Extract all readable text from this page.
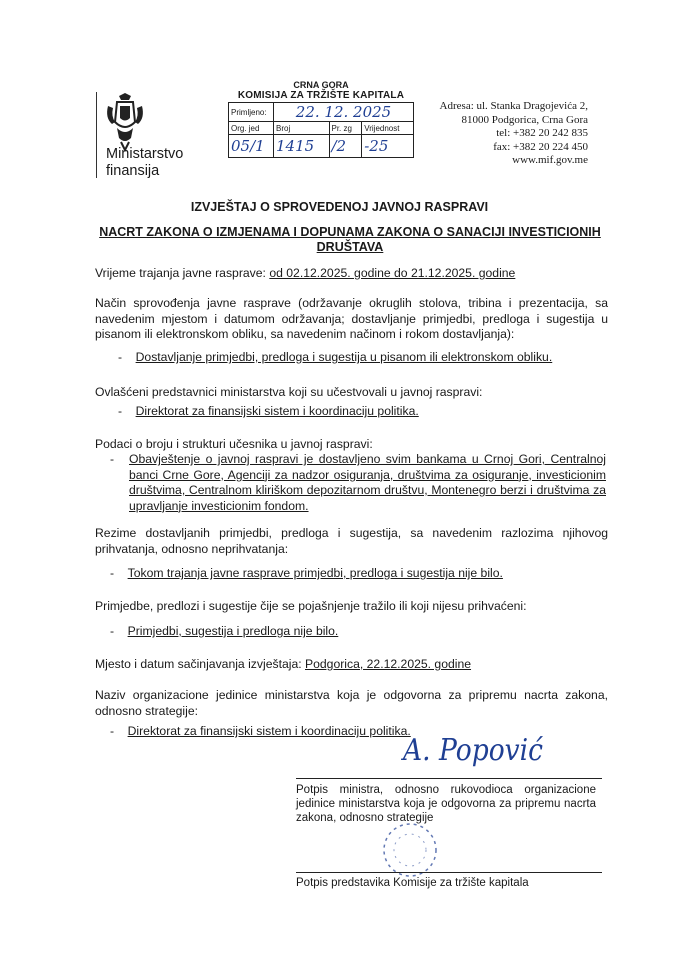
Ministarstvo
finansija
CRNA GORA
KOMISIJA ZA TRŽIŠTE KAPITALA
Primljeno:	22. 12. 2025		
Org. jed	Broj	Pr. zg	Vrijednost
05/1	1415	/2	-25
Adresa: ul. Stanka Dragojevića 2,
81000 Podgorica, Crna Gora
tel: +382 20 242 835
fax: +382 20 224 450
www.mif.gov.me
IZVJEŠTAJ O SPROVEDENOJ JAVNOJ RASPRAVI
NACRT ZAKONA O IZMJENAMA I DOPUNAMA ZAKONA O SANACIJI INVESTICIONIH DRUŠTAVA
Vrijeme trajanja javne rasprave: od 02.12.2025. godine do 21.12.2025. godine
Način sprovođenja javne rasprave (održavanje okruglih stolova, tribina i prezentacija, sa navedenim mjestom i datumom održavanja; dostavljanje primjedbi, predloga i sugestija u pisanom ili elektronskom obliku, sa navedenim načinom i rokom dostavljanja):
-    Dostavljanje primjedbi, predloga i sugestija u pisanom ili elektronskom obliku.
Ovlašćeni predstavnici ministarstva koji su učestvovali u javnoj raspravi:
-    Direktorat za finansijski sistem i koordinaciju politika.
Podaci o broju i strukturi učesnika u javnoj raspravi:
-	Obavještenje o javnoj raspravi je dostavljeno svim bankama u Crnoj Gori, Centralnoj banci Crne Gore, Agenciji za nadzor osiguranja, društvima za osiguranje, investicionim društvima, Centralnom kliriškom depozitarnom društvu, Montenegro berzi i društvima za upravljanje investicionim fondom.
Rezime dostavljanih primjedbi, predloga i sugestija, sa navedenim razlozima njihovog prihvatanja, odnosno neprihvatanja:
-    Tokom trajanja javne rasprave primjedbi, predloga i sugestija nije bilo.
Primjedbe, predlozi i sugestije čije se pojašnjenje tražilo ili koji nijesu prihvaćeni:
-    Primjedbi, sugestija i predloga nije bilo.
Mjesto i datum sačinjavanja izvještaja: Podgorica, 22.12.2025. godine
Naziv organizacione jedinice ministarstva koja je odgovorna za pripremu nacrta zakona, odnosno strategije:
-    Direktorat za finansijski sistem i koordinaciju politika.
A. Popović
Potpis ministra, odnosno rukovodioca organizacione jedinice ministarstva koja je odgovorna za pripremu nacrta zakona, odnosno strategije
Potpis predstavika Komisije za tržište kapitala
